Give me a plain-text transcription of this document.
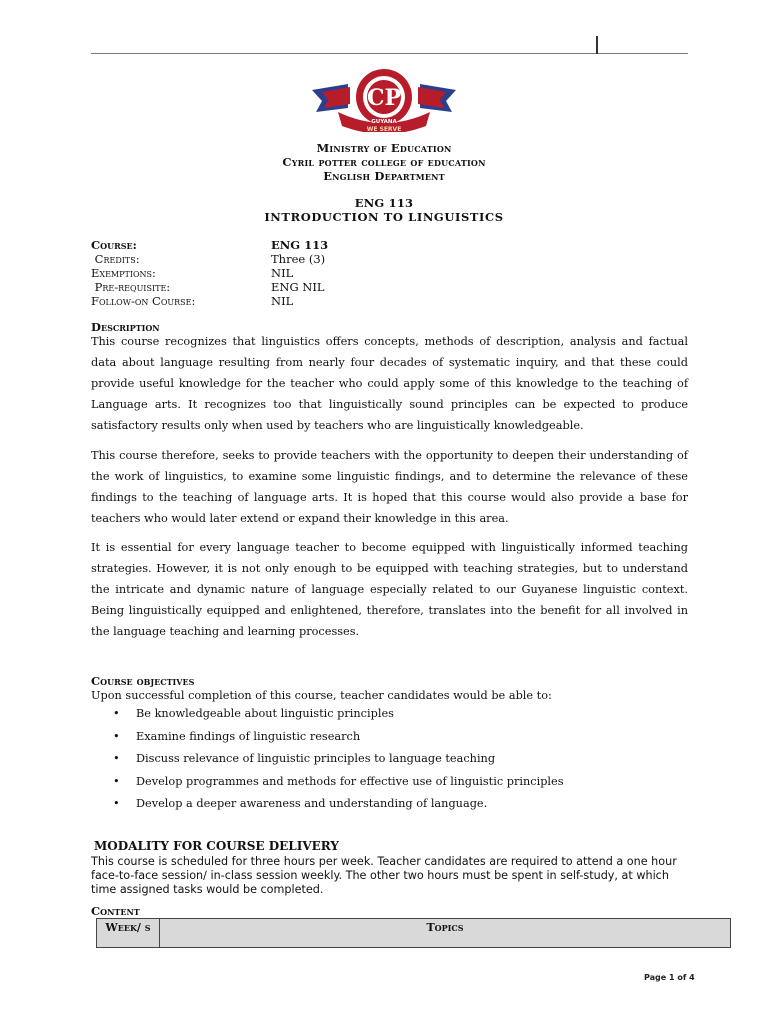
CP
GUYANA
WE SERVE
Ministry of Education
Cyril potter college of education
English Department
ENG 113
INTRODUCTION TO LINGUISTICS
Course:	ENG 113
Credits:	Three (3)
Exemptions:	NIL
Pre-requisite:	ENG NIL
Follow-on Course:	NIL
Description
This course recognizes that linguistics offers concepts, methods of description, analysis and factual data about language resulting from nearly four decades of systematic inquiry, and that these could provide useful knowledge for the teacher who could apply some of this knowledge to the teaching of Language arts. It recognizes too that linguistically sound principles can be expected to produce satisfactory results only when used by teachers who are linguistically knowledgeable.
This course therefore, seeks to provide teachers with the opportunity to deepen their understanding of the work of linguistics, to examine some linguistic findings, and to determine the relevance of these findings to the teaching of language arts. It is hoped that this course would also provide a base for teachers who would later extend or expand their knowledge in this area.
It is essential for every language teacher to become equipped with linguistically informed teaching strategies. However, it is not only enough to be equipped with teaching strategies, but to understand the intricate and dynamic nature of language especially related to our Guyanese linguistic context. Being linguistically equipped and enlightened, therefore, translates into the benefit for all involved in the language teaching and learning processes.
Course objectives
Upon successful completion of this course, teacher candidates would be able to:
• Be knowledgeable about linguistic principles
• Examine findings of linguistic research
• Discuss relevance of linguistic principles to language teaching
• Develop programmes and methods for effective use of linguistic principles
• Develop a deeper awareness and understanding of language.
MODALITY FOR COURSE DELIVERY
This course is scheduled for three hours per week. Teacher candidates are required to attend a one hour face-to-face session/ in-class session weekly. The other two hours must be spent in self-study, at which time assigned tasks would be completed.
Content
Week/ s	Topics
Page 1 of 4
